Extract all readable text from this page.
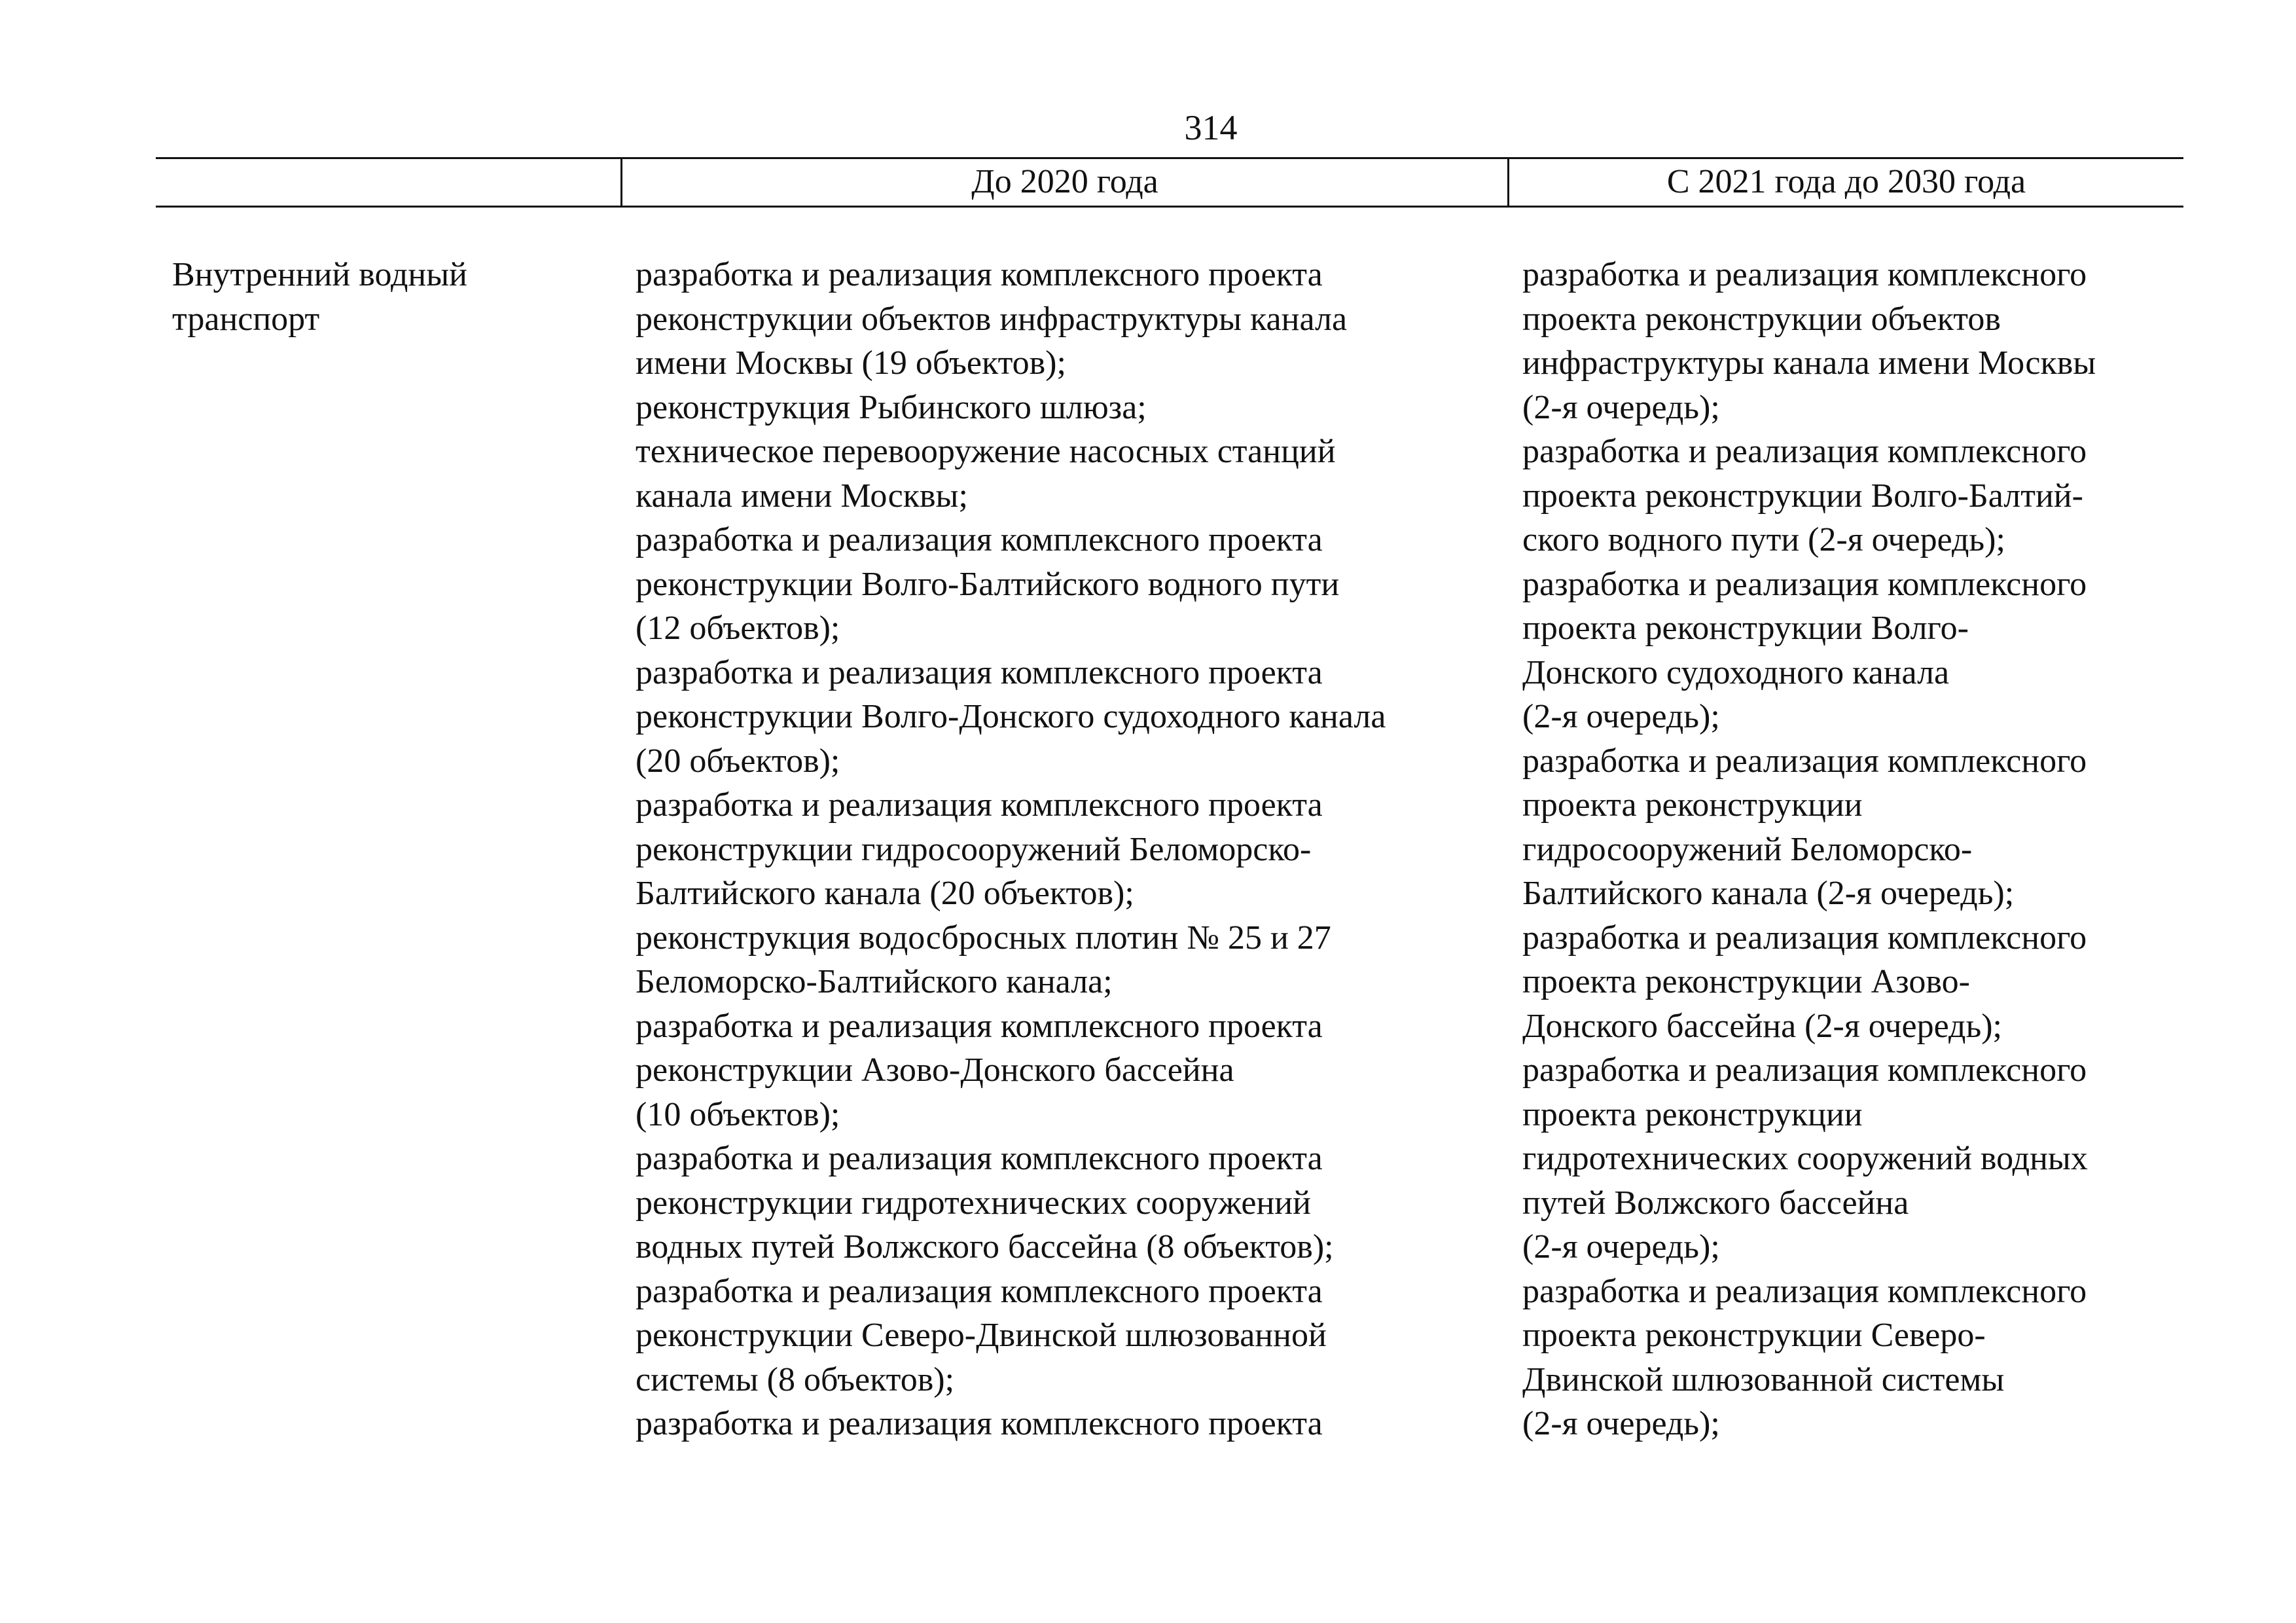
314
До 2020 года	С 2021 года до 2030 года
Внутренний водный
транспорт
разработка и реализация комплексного проекта
реконструкции объектов инфраструктуры канала
имени Москвы (19 объектов);
реконструкция Рыбинского шлюза;
техническое перевооружение насосных станций
канала имени Москвы;
разработка и реализация комплексного проекта
реконструкции Волго-Балтийского водного пути
(12 объектов);
разработка и реализация комплексного проекта
реконструкции Волго-Донского судоходного канала
(20 объектов);
разработка и реализация комплексного проекта
реконструкции гидросооружений Беломорско-
Балтийского канала (20 объектов);
реконструкция водосбросных плотин № 25 и 27
Беломорско-Балтийского канала;
разработка и реализация комплексного проекта
реконструкции Азово-Донского бассейна
(10 объектов);
разработка и реализация комплексного проекта
реконструкции гидротехнических сооружений
водных путей Волжского бассейна (8 объектов);
разработка и реализация комплексного проекта
реконструкции Северо-Двинской шлюзованной
системы (8 объектов);
разработка и реализация комплексного проекта
разработка и реализация комплексного
проекта реконструкции объектов
инфраструктуры канала имени Москвы
(2-я очередь);
разработка и реализация комплексного
проекта реконструкции Волго-Балтий-
ского водного пути (2-я очередь);
разработка и реализация комплексного
проекта реконструкции Волго-
Донского судоходного канала
(2-я очередь);
разработка и реализация комплексного
проекта реконструкции
гидросооружений Беломорско-
Балтийского канала (2-я очередь);
разработка и реализация комплексного
проекта реконструкции Азово-
Донского бассейна (2-я очередь);
разработка и реализация комплексного
проекта реконструкции
гидротехнических сооружений водных
путей Волжского бассейна
(2-я очередь);
разработка и реализация комплексного
проекта реконструкции Северо-
Двинской шлюзованной системы
(2-я очередь);
